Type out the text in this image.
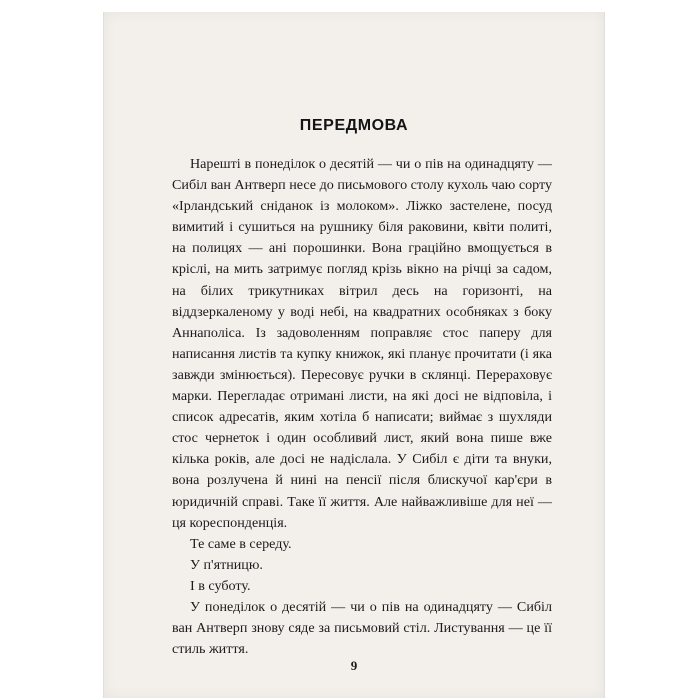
ПЕРЕДМОВА

Нарешті в понеділок о десятій — чи о пів на одинадцяту — Сибіл ван Антверп несе до письмового столу кухоль чаю сорту «Ірландський сніданок із молоком». Ліжко застелене, посуд вимитий і сушиться на рушнику біля раковини, квіти политі, на полицях — ані порошинки. Вона граційно вмощується в кріслі, на мить затримує погляд крізь вікно на річці за садом, на білих трикутниках вітрил десь на горизонті, на віддзеркаленому у воді небі, на квадратних особняках з боку Аннаполіса. Із задоволенням поправляє стос паперу для написання листів та купку книжок, які планує прочитати (і яка завжди змінюється). Пересовує ручки в склянці. Перераховує марки. Перегладає отримані листи, на які досі не відповіла, і список адресатів, яким хотіла б написати; виймає з шухляди стос чернеток і один особливий лист, який вона пише вже кілька років, але досі не надіслала. У Сибіл є діти та внуки, вона розлучена й нині на пенсії після блискучої кар'єри в юридичній справі. Таке її життя. Але найважливіше для неї — ця кореспонденція.

Те саме в середу.

У п'ятницю.

І в суботу.

У понеділок о десятій — чи о пів на одинадцяту — Сибіл ван Антверп знову сяде за письмовий стіл. Листування — це її стиль життя.

9
